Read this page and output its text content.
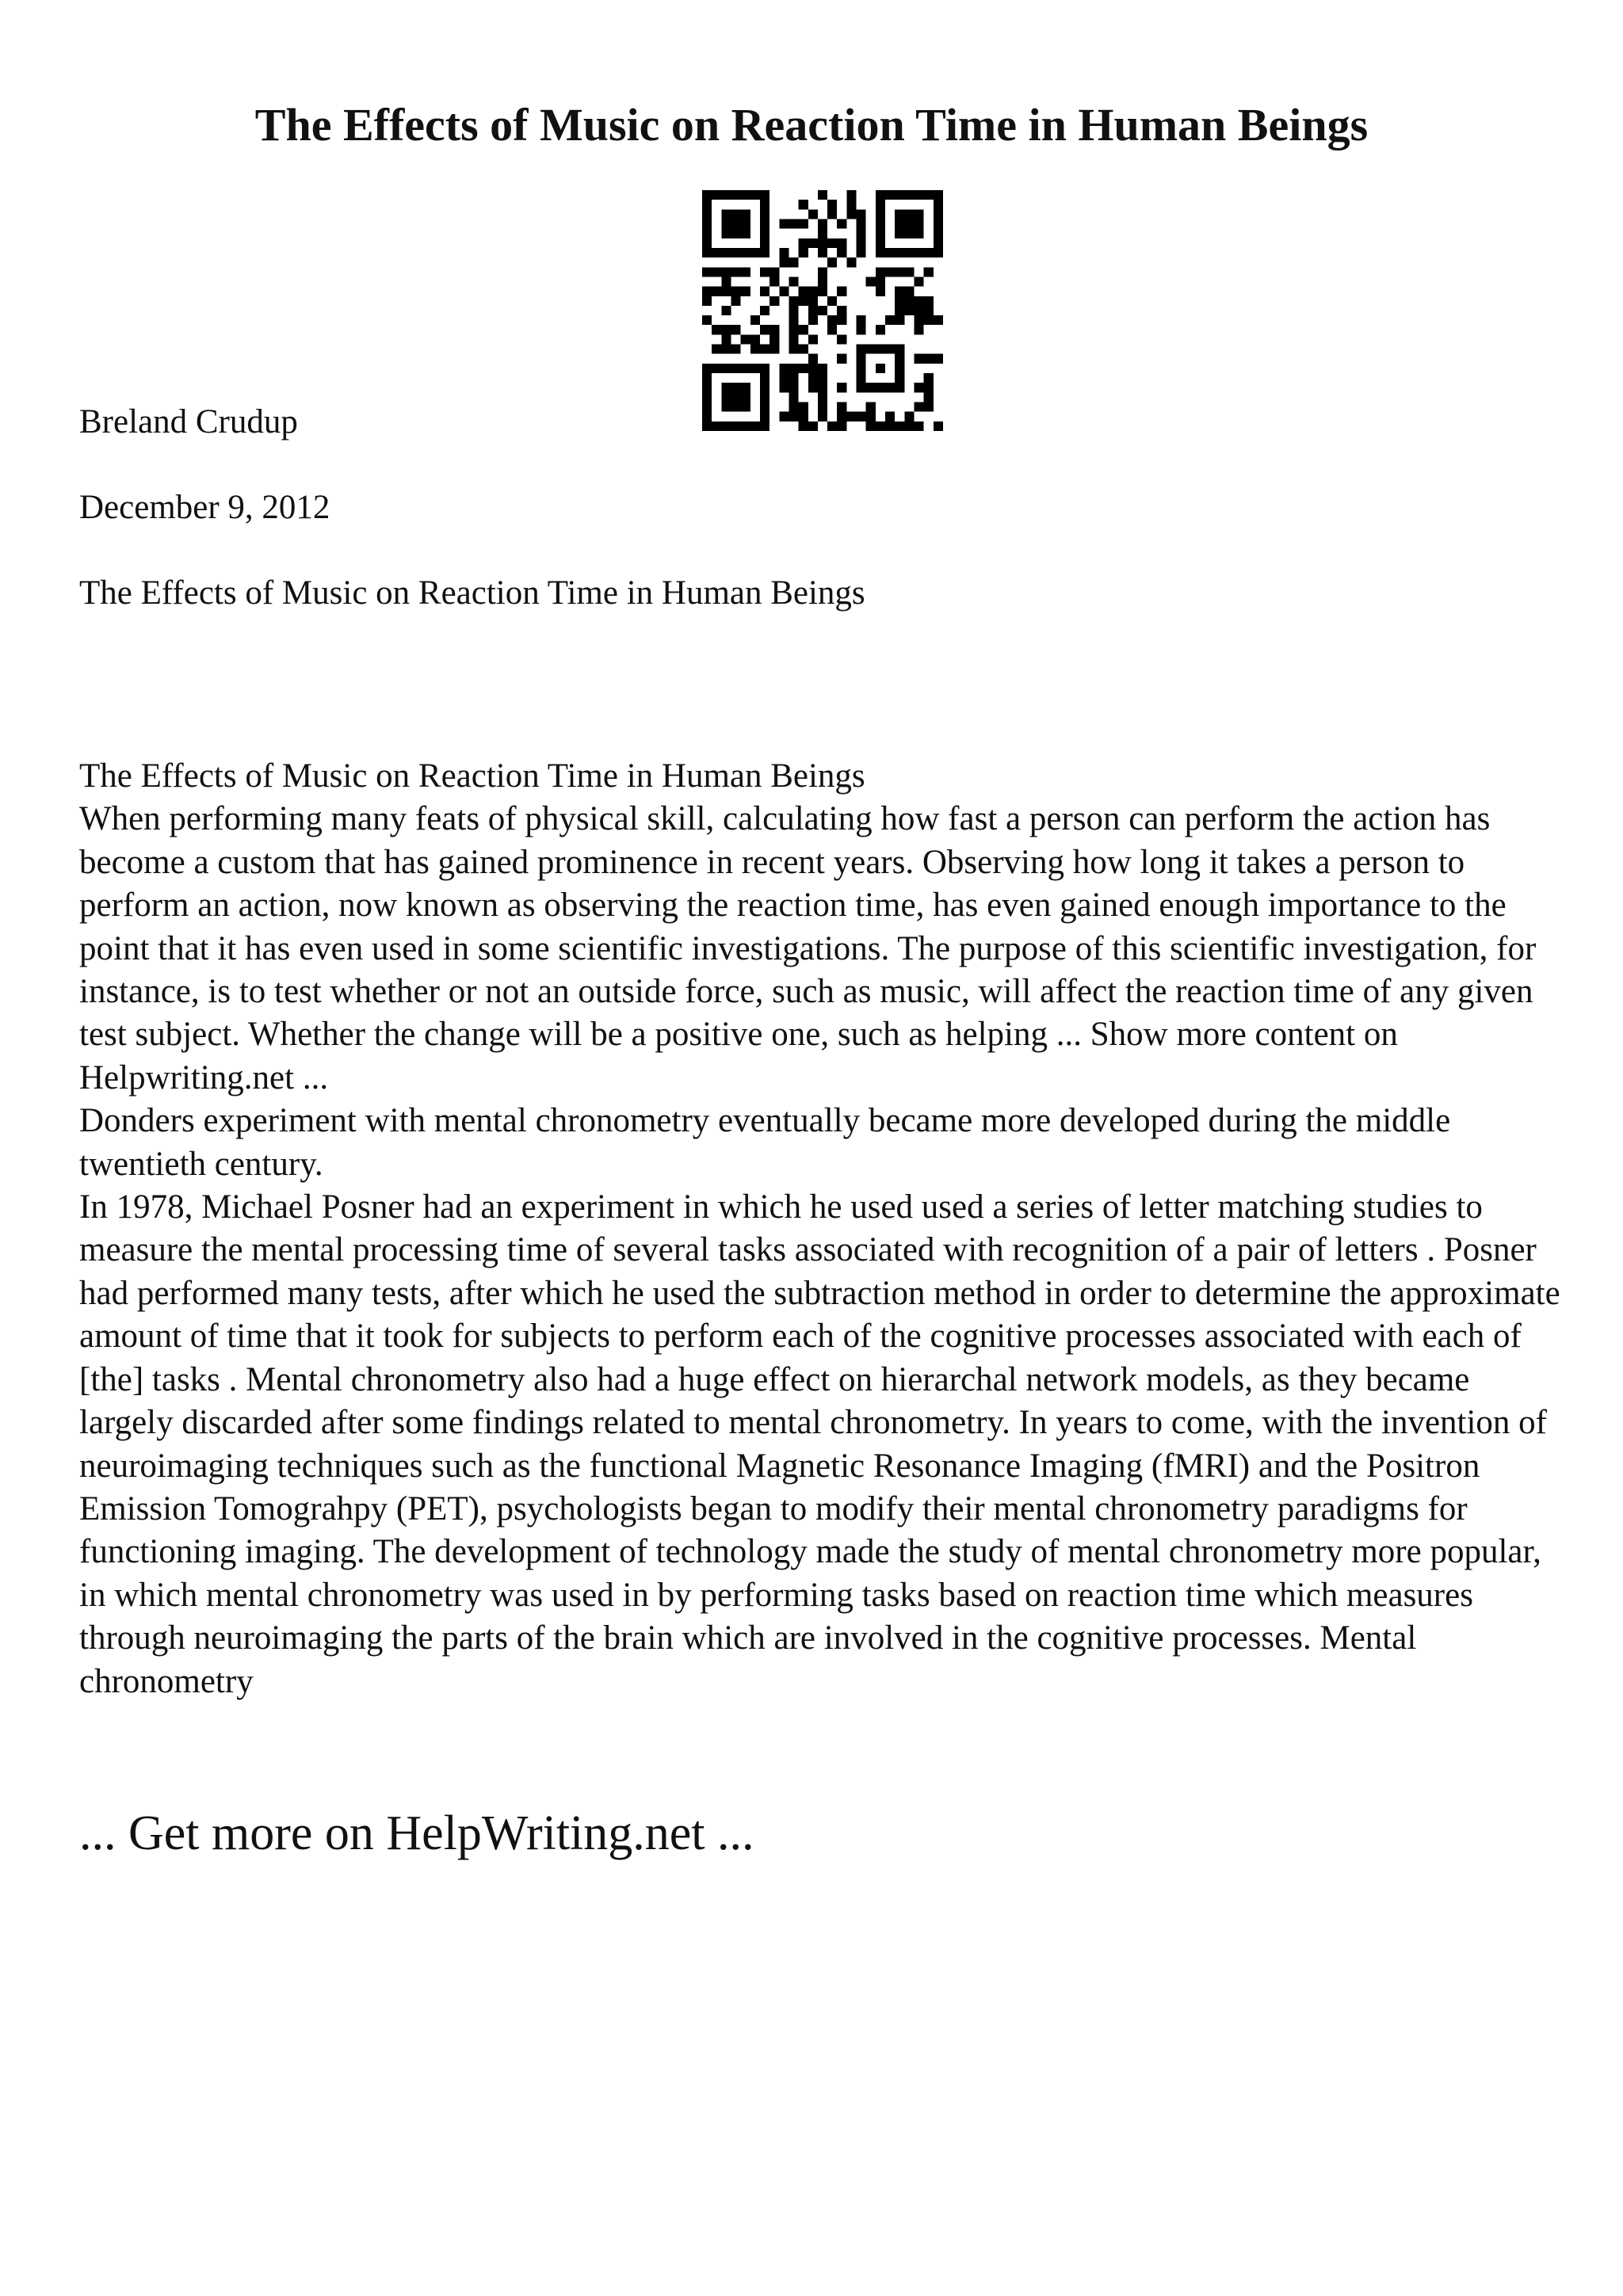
The Effects of Music on Reaction Time in Human Beings

Breland Crudup

December 9, 2012

The Effects of Music on Reaction Time in Human Beings

The Effects of Music on Reaction Time in Human Beings

When performing many feats of physical skill, calculating how fast a person can perform the action has become a custom that has gained prominence in recent years. Observing how long it takes a person to perform an action, now known as observing the reaction time, has even gained enough importance to the point that it has even used in some scientific investigations. The purpose of this scientific investigation, for instance, is to test whether or not an outside force, such as music, will affect the reaction time of any given test subject. Whether the change will be a positive one, such as helping ... Show more content on Helpwriting.net ...

Donders experiment with mental chronometry eventually became more developed during the middle twentieth century.

In 1978, Michael Posner had an experiment in which he used used a series of letter matching studies to measure the mental processing time of several tasks associated with recognition of a pair of letters . Posner had performed many tests, after which he used the subtraction method in order to determine the approximate amount of time that it took for subjects to perform each of the cognitive processes associated with each of [the] tasks . Mental chronometry also had a huge effect on hierarchal network models, as they became largely discarded after some findings related to mental chronometry. In years to come, with the invention of neuroimaging techniques such as the functional Magnetic Resonance Imaging (fMRI) and the Positron Emission Tomograhpy (PET), psychologists began to modify their mental chronometry paradigms for functioning imaging. The development of technology made the study of mental chronometry more popular, in which mental chronometry was used in by performing tasks based on reaction time which measures through neuroimaging the parts of the brain which are involved in the cognitive processes. Mental chronometry

... Get more on HelpWriting.net ...
